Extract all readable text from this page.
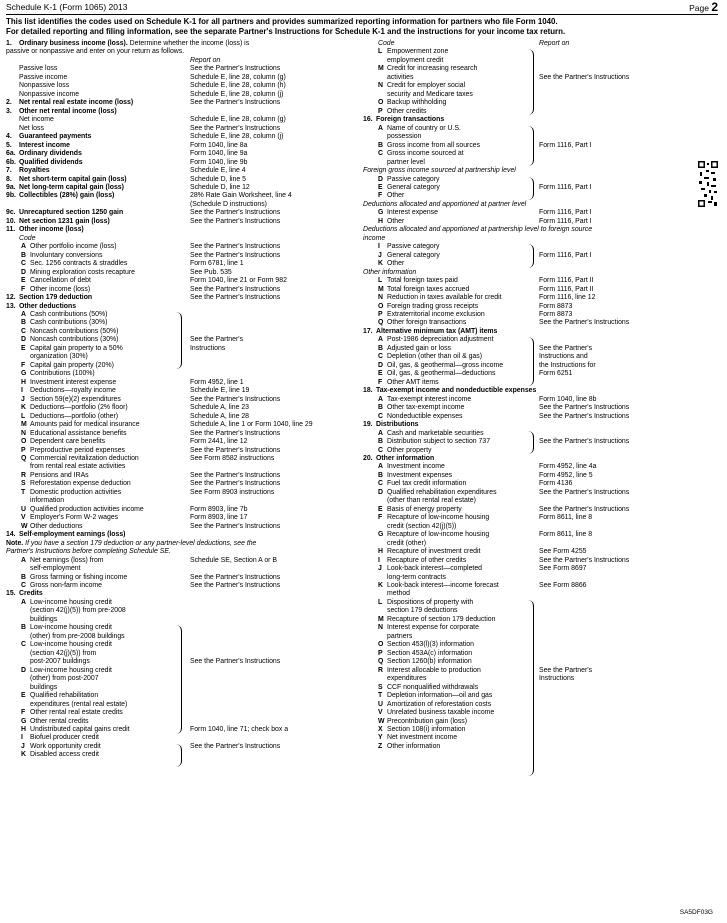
Schedule K-1 (Form 1065) 2013	Page 2
This list identifies the codes used on Schedule K-1 for all partners and provides summarized reporting information for partners who file Form 1040.
For detailed reporting and filing information, see the separate Partner's Instructions for Schedule K-1 and the instructions for your income tax return.
1.	Ordinary business income (loss). Determine whether the income (loss) is
passive or nonpassive and enter on your return as follows.
Report on
Passive loss	See the Partner's Instructions
Passive income	Schedule E, line 28, column (g)
Nonpassive loss	Schedule E, line 28, column (h)
Nonpassive income	Schedule E, line 28, column (j)
2.	Net rental real estate income (loss)	See the Partner's Instructions
3.	Other net rental income (loss)
Net income	Schedule E, line 28, column (g)
Net loss	See the Partner's Instructions
4.	Guaranteed payments	Schedule E, line 28, column (j)
5.	Interest income	Form 1040, line 8a
6a. Ordinary dividends	Form 1040, line 9a
6b. Qualified dividends	Form 1040, line 9b
7.	Royalties	Schedule E, line 4
8.	Net short-term capital gain (loss)	Schedule D, line 5
9a. Net long-term capital gain (loss)	Schedule D, line 12
9b. Collectibles (28%) gain (loss)	28% Rate Gain Worksheet, line 4
(Schedule D instructions)
9c. Unrecaptured section 1250 gain	See the Partner's Instructions
10. Net section 1231 gain (loss)	See the Partner's Instructions
11. Other income (loss)
Code
A Other portfolio income (loss)	See the Partner's Instructions
B Involuntary conversions	See the Partner's Instructions
C Sec. 1256 contracts & straddles	Form 6781, line 1
D Mining exploration costs recapture	See Pub. 535
E Cancellation of debt	Form 1040, line 21 or Form 982
F Other income (loss)	See the Partner's Instructions
12. Section 179 deduction	See the Partner's Instructions
13. Other deductions
A Cash contributions (50%)
B Cash contributions (30%)
C Noncash contributions (50%)
D Noncash contributions (30%)	See the Partner's
E Capital gain property to a 50%	Instructions
organization (30%)
F Capital gain property (20%)
G Contributions (100%)
H Investment interest expense	Form 4952, line 1
I	Deductions—royalty income	Schedule E, line 19
J Section 59(e)(2) expenditures	See the Partner's Instructions
K Deductions—portfolio (2% floor)	Schedule A, line 23
L Deductions—portfolio (other)	Schedule A, line 28
M Amounts paid for medical insurance	Schedule A, line 1 or Form 1040, line 29
N Educational assistance benefits	See the Partner's Instructions
O Dependent care benefits	Form 2441, line 12
P Preproductive period expenses	See the Partner's Instructions
Q Commercial revitalization deduction	See Form 8582 instructions
from rental real estate activities
R Pensions and IRAs	See the Partner's Instructions
S Reforestation expense deduction	See the Partner's Instructions
T Domestic production activities	See Form 8903 instructions
information
U Qualified production activities income	Form 8903, line 7b
V Employer's Form W-2 wages	Form 8903, line 17
W Other deductions	See the Partner's Instructions
14. Self-employment earnings (loss)
Note. If you have a section 179 deduction or any partner-level deductions, see the
Partner's Instructions before completing Schedule SE.
A Net earnings (loss) from	Schedule SE, Section A or B
self-employment
B Gross farming or fishing income	See the Partner's Instructions
C Gross non-farm income	See the Partner's Instructions
15. Credits
A Low-income housing credit
(section 42(j)(5)) from pre-2008
buildings
B Low-income housing credit
(other) from pre-2008 buildings
C Low-income housing credit
(section 42(j)(5)) from
post-2007 buildings	See the Partner's Instructions
D Low-income housing credit
(other) from post-2007
buildings
E Qualified rehabilitation
expenditures (rental real estate)
F Other rental real estate credits
G Other rental credits
H Undistributed capital gains credit	Form 1040, line 71; check box a
I	Biofuel producer credit
J Work opportunity credit	See the Partner's Instructions
K Disabled access credit
Code	Report on
L Empowerment zone
employment credit
M Credit for increasing research
activities	See the Partner's Instructions
N Credit for employer social
security and Medicare taxes
O Backup withholding
P Other credits
16. Foreign transactions
A Name of country or U.S.
possession
B Gross income from all sources	Form 1116, Part I
C Gross income sourced at
partner level
Foreign gross income sourced at partnership level
D Passive category
E General category	Form 1116, Part I
F Other
Deductions allocated and apportioned at partner level
G Interest expense	Form 1116, Part I
H Other	Form 1116, Part I
Deductions allocated and apportioned at partnership level to foreign source
income
I	Passive category
J General category	Form 1116, Part I
K Other
Other information
L Total foreign taxes paid	Form 1116, Part II
M Total foreign taxes accrued	Form 1116, Part II
N Reduction in taxes available for credit	Form 1116, line 12
O Foreign trading gross receipts	Form 8873
P Extraterritorial income exclusion	Form 8873
Q Other foreign transactions	See the Partner's Instructions
17. Alternative minimum tax (AMT) items
A Post-1986 depreciation adjustment
B Adjusted gain or loss	See the Partner's
C Depletion (other than oil & gas)	Instructions and
D Oil, gas, & geothermal—gross income	the Instructions for
E Oil, gas, & geothermal—deductions	Form 6251
F Other AMT items
18. Tax-exempt income and nondeductible expenses
A Tax-exempt interest income	Form 1040, line 8b
B Other tax-exempt income	See the Partner's Instructions
C Nondeductible expenses	See the Partner's Instructions
19. Distributions
A Cash and marketable securities
B Distribution subject to section 737	See the Partner's Instructions
C Other property
20. Other information
A Investment income	Form 4952, line 4a
B Investment expenses	Form 4952, line 5
C Fuel tax credit information	Form 4136
D Qualified rehabilitation expenditures	See the Partner's Instructions
(other than rental real estate)
E Basis of energy property	See the Partner's Instructions
F Recapture of low-income housing	Form 8611, line 8
credit (section 42(j)(5))
G Recapture of low-income housing	Form 8611, line 8
credit (other)
H Recapture of investment credit	See Form 4255
I	Recapture of other credits	See the Partner's Instructions
J Look-back interest—completed	See Form 8697
long-term contracts
K Look-back interest—income forecast	See Form 8866
method
L Dispositions of property with
section 179 deductions
M Recapture of section 179 deduction
N Interest expense for corporate
partners
O Section 453(l)(3) information
P Section 453A(c) information
Q Section 1260(b) information
R Interest allocable to production	See the Partner's
expenditures	Instructions
S CCF nonqualified withdrawals
T Depletion information—oil and gas
U Amortization of reforestation costs
V Unrelated business taxable income
W Precontribution gain (loss)
X Section 108(i) information
Y Net investment income
Z Other information
SA5DF03G
